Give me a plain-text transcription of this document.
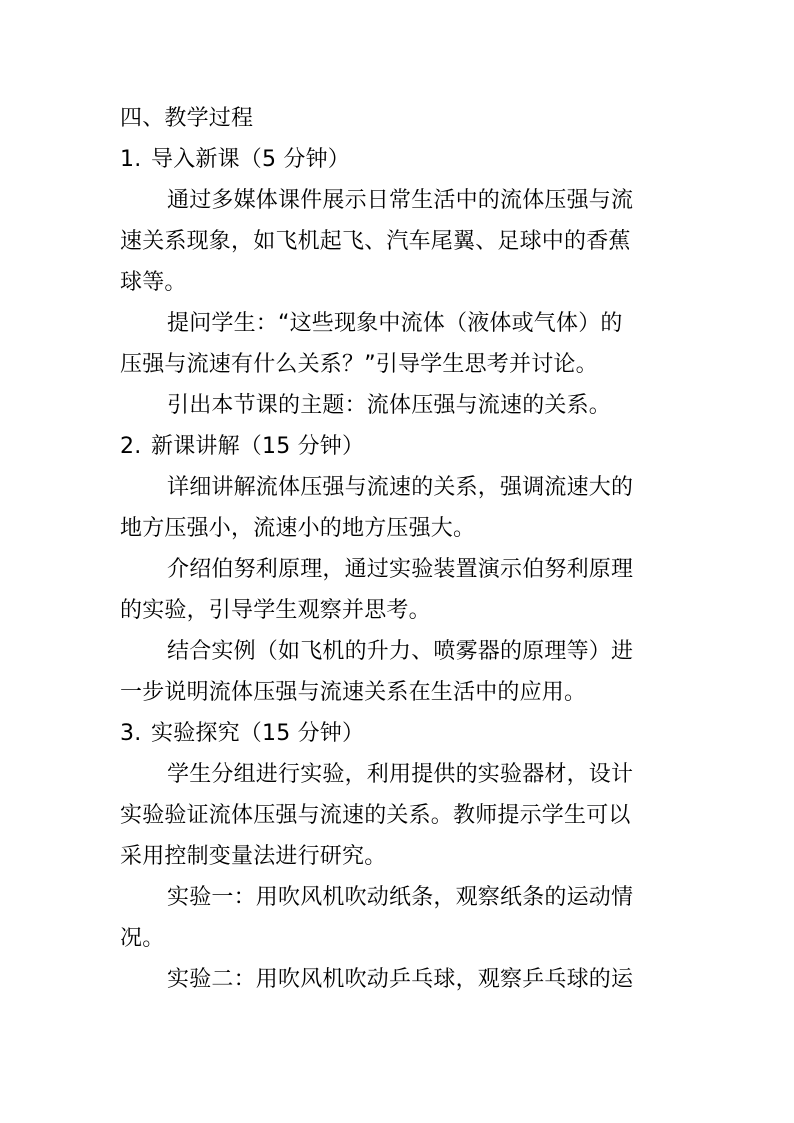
四、教学过程
1. 导入新课（5 分钟）
通过多媒体课件展示日常生活中的流体压强与流
速关系现象，如飞机起飞、汽车尾翼、足球中的香蕉
球等。
提问学生：“这些现象中流体（液体或气体）的
压强与流速有什么关系？”引导学生思考并讨论。
引出本节课的主题：流体压强与流速的关系。
2. 新课讲解（15 分钟）
详细讲解流体压强与流速的关系，强调流速大的
地方压强小，流速小的地方压强大。
介绍伯努利原理，通过实验装置演示伯努利原理
的实验，引导学生观察并思考。
结合实例（如飞机的升力、喷雾器的原理等）进
一步说明流体压强与流速关系在生活中的应用。
3. 实验探究（15 分钟）
学生分组进行实验，利用提供的实验器材，设计
实验验证流体压强与流速的关系。教师提示学生可以
采用控制变量法进行研究。
实验一：用吹风机吹动纸条，观察纸条的运动情
况。
实验二：用吹风机吹动乒乓球，观察乒乓球的运
